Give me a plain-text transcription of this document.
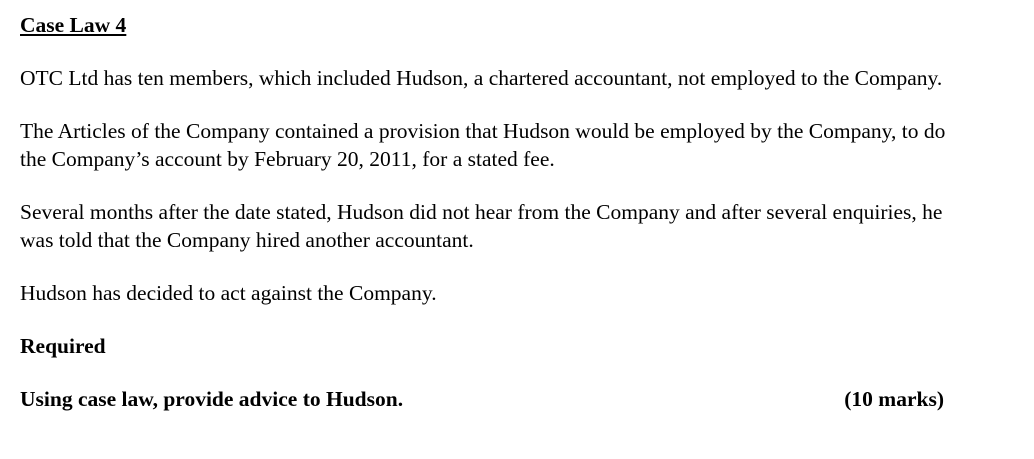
Case Law 4

OTC Ltd has ten members, which included Hudson, a chartered accountant, not employed to the Company.

The Articles of the Company contained a provision that Hudson would be employed by the Company, to do the Company’s account by February 20, 2011, for a stated fee.

Several months after the date stated, Hudson did not hear from the Company and after several enquiries, he was told that the Company hired another accountant.

Hudson has decided to act against the Company.

Required

Using case law, provide advice to Hudson.	(10 marks)
